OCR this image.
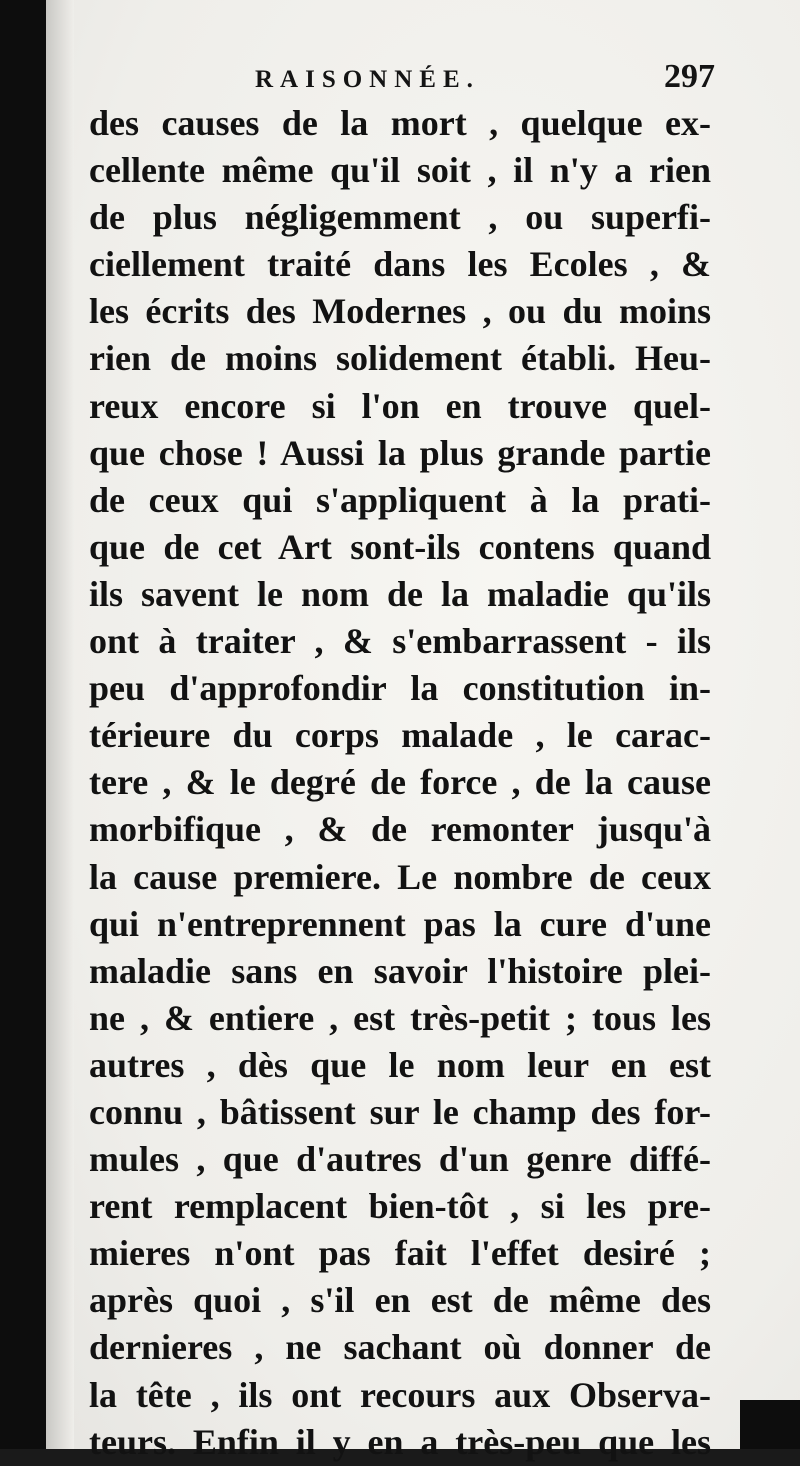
RAISONNÉE.	297
des causes de la mort , quelque ex-
cellente même qu'il soit , il n'y a rien
de plus négligemment , ou superfi-
ciellement traité dans les Ecoles , &
les écrits des Modernes , ou du moins
rien de moins solidement établi. Heu-
reux encore si l'on en trouve quel-
que chose ! Aussi la plus grande partie
de ceux qui s'appliquent à la prati-
que de cet Art sont-ils contens quand
ils savent le nom de la maladie qu'ils
ont à traiter , & s'embarrassent - ils
peu d'approfondir la constitution in-
térieure du corps malade , le carac-
tere , & le degré de force , de la cause
morbifique , & de remonter jusqu'à
la cause premiere. Le nombre de ceux
qui n'entreprennent pas la cure d'une
maladie sans en savoir l'histoire plei-
ne , & entiere , est très-petit ; tous les
autres , dès que le nom leur en est
connu , bâtissent sur le champ des for-
mules , que d'autres d'un genre diffé-
rent remplacent bien-tôt , si les pre-
mieres n'ont pas fait l'effet desiré ;
après quoi , s'il en est de même des
dernieres , ne sachant où donner de
la tête , ils ont recours aux Observa-
teurs. Enfin il y en a très-peu que les
